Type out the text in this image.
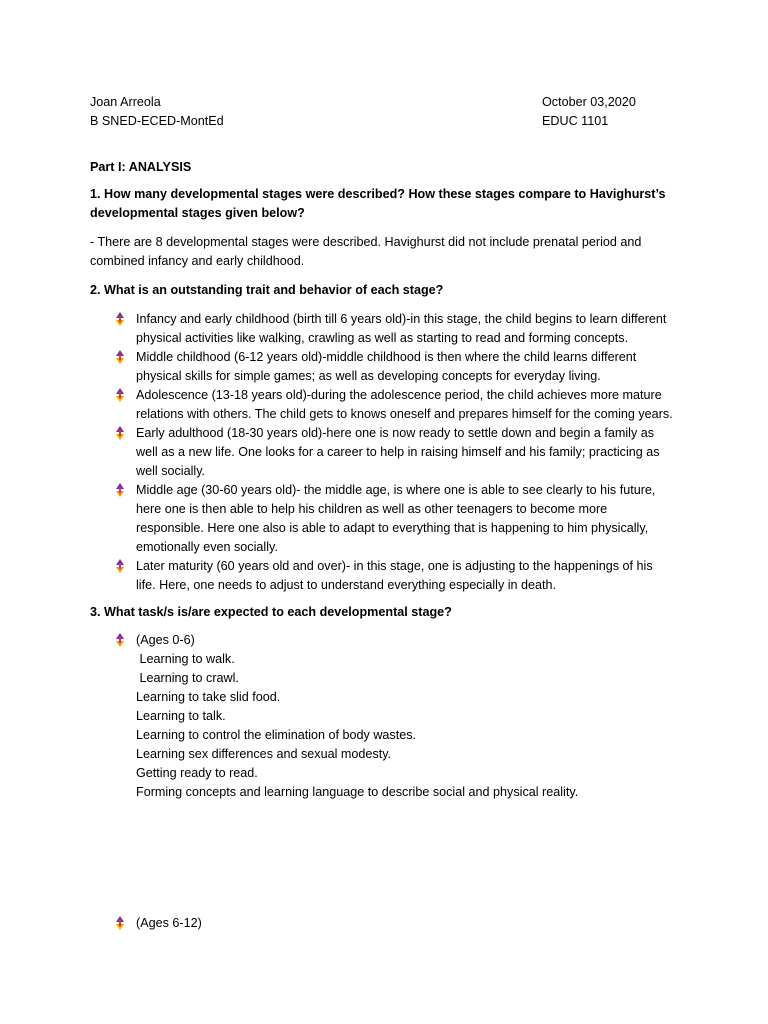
Joan Arreola
B SNED-ECED-MontEd
October 03,2020
EDUC 1101
Part I: ANALYSIS
1. How many developmental stages were described? How these stages compare to Havighurst’s
developmental stages given below?
- There are 8 developmental stages were described. Havighurst did not include prenatal period and
combined infancy and early childhood.
2. What is an outstanding trait and behavior of each stage?
Infancy and early childhood (birth till 6 years old)-in this stage, the child begins to learn different
physical activities like walking, crawling as well as starting to read and forming concepts.
Middle childhood (6-12 years old)-middle childhood is then where the child learns different
physical skills for simple games; as well as developing concepts for everyday living.
Adolescence (13-18 years old)-during the adolescence period, the child achieves more mature
relations with others. The child gets to knows oneself and prepares himself for the coming years.
Early adulthood (18-30 years old)-here one is now ready to settle down and begin a family as
well as a new life. One looks for a career to help in raising himself and his family; practicing as
well socially.
Middle age (30-60 years old)- the middle age, is where one is able to see clearly to his future,
here one is then able to help his children as well as other teenagers to become more
responsible. Here one also is able to adapt to everything that is happening to him physically,
emotionally even socially.
Later maturity (60 years old and over)- in this stage, one is adjusting to the happenings of his
life. Here, one needs to adjust to understand everything especially in death.
3. What task/s is/are expected to each developmental stage?
(Ages 0-6)
Learning to walk.
Learning to crawl.
Learning to take slid food.
Learning to talk.
Learning to control the elimination of body wastes.
Learning sex differences and sexual modesty.
Getting ready to read.
Forming concepts and learning language to describe social and physical reality.
(Ages 6-12)
